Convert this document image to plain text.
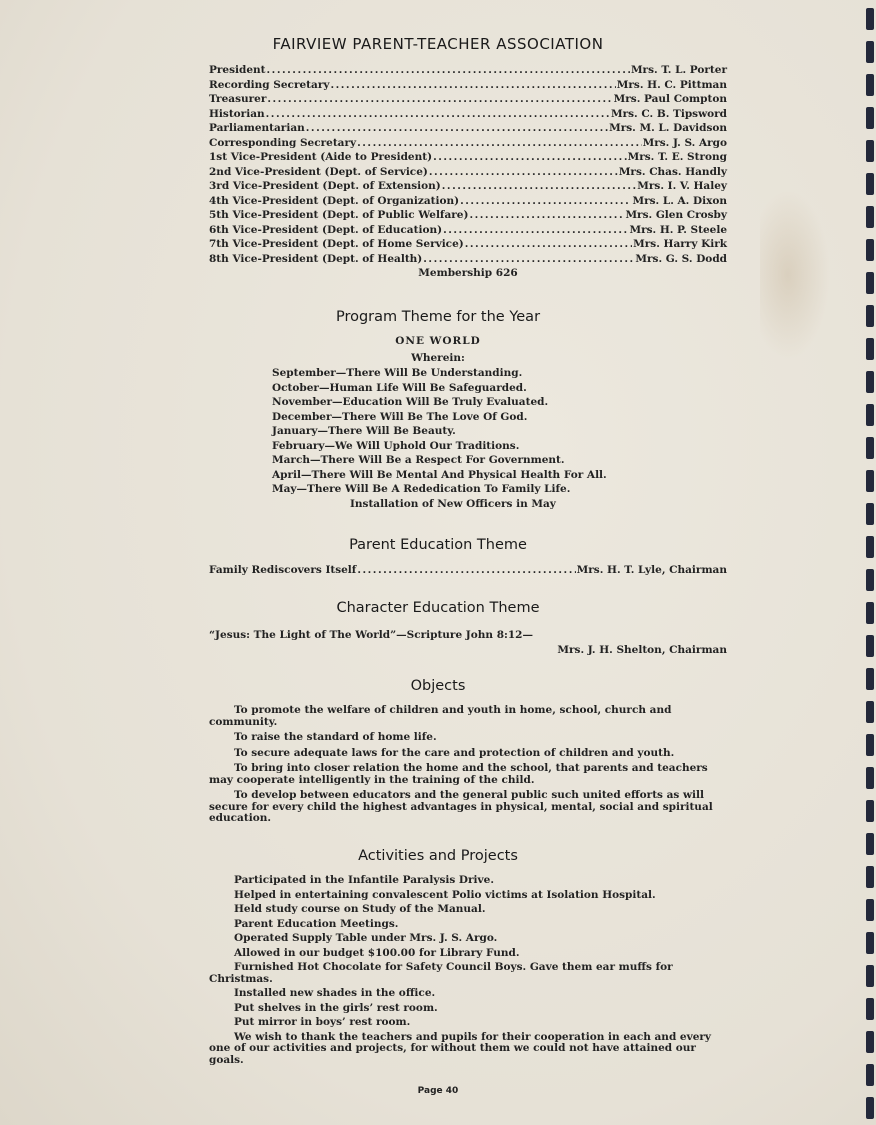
FAIRVIEW PARENT-TEACHER ASSOCIATION
President .....	Mrs. T. L. Porter
Recording Secretary .....	Mrs. H. C. Pittman
Treasurer .....	Mrs. Paul Compton
Historian .....	Mrs. C. B. Tipsword
Parliamentarian .....	Mrs. M. L. Davidson
Corresponding Secretary .....	Mrs. J. S. Argo
1st Vice-President (Aide to President) .....	Mrs. T. E. Strong
2nd Vice-President (Dept. of Service) .....	Mrs. Chas. Handly
3rd Vice-President (Dept. of Extension) .....	Mrs. I. V. Haley
4th Vice-President (Dept. of Organization) .....	Mrs. L. A. Dixon
5th Vice-President (Dept. of Public Welfare) .....	Mrs. Glen Crosby
6th Vice-President (Dept. of Education) .....	Mrs. H. P. Steele
7th Vice-President (Dept. of Home Service) .....	Mrs. Harry Kirk
8th Vice-President (Dept. of Health) .....	Mrs. G. S. Dodd
Membership 626
Program Theme for the Year
ONE WORLD
Wherein:
September—There Will Be Understanding.
October—Human Life Will Be Safeguarded.
November—Education Will Be Truly Evaluated.
December—There Will Be The Love Of God.
January—There Will Be Beauty.
February—We Will Uphold Our Traditions.
March—There Will Be a Respect For Government.
April—There Will Be Mental And Physical Health For All.
May—There Will Be A Rededication To Family Life.
Installation of New Officers in May
Parent Education Theme
Family Rediscovers Itself .....	Mrs. H. T. Lyle, Chairman
Character Education Theme
“Jesus: The Light of The World”—Scripture John 8:12—
Mrs. J. H. Shelton, Chairman
Objects

To promote the welfare of children and youth in home, school, church and community.

To raise the standard of home life.

To secure adequate laws for the care and protection of children and youth.

To bring into closer relation the home and the school, that parents and teachers may cooperate intelligently in the training of the child.

To develop between educators and the general public such united efforts as will secure for every child the highest advantages in physical, mental, social and spiritual education.

Activities and Projects

Participated in the Infantile Paralysis Drive.

Helped in entertaining convalescent Polio victims at Isolation Hospital.

Held study course on Study of the Manual.

Parent Education Meetings.

Operated Supply Table under Mrs. J. S. Argo.

Allowed in our budget $100.00 for Library Fund.

Furnished Hot Chocolate for Safety Council Boys. Gave them ear muffs for Christmas.

Installed new shades in the office.

Put shelves in the girls’ rest room.

Put mirror in boys’ rest room.

We wish to thank the teachers and pupils for their cooperation in each and every one of our activities and projects, for without them we could not have attained our goals.

Page 40
